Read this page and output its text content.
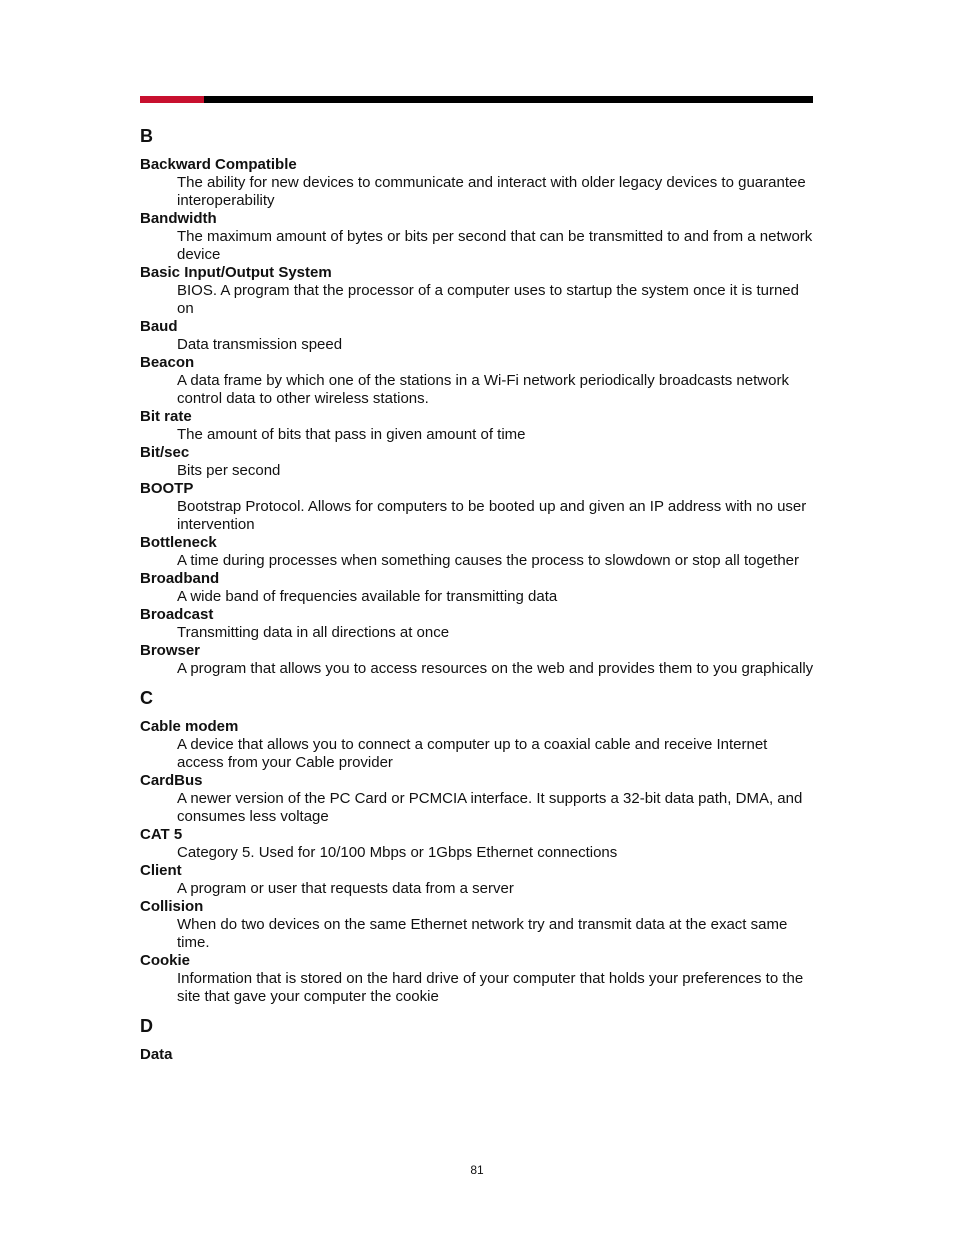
B
Backward Compatible
The ability for new devices to communicate and interact with older legacy devices to guarantee interoperability
Bandwidth
The maximum amount of bytes or bits per second that can be transmitted to and from a network device
Basic Input/Output System
BIOS. A program that the processor of a computer uses to startup the system once it is turned on
Baud
Data transmission speed
Beacon
A data frame by which one of the stations in a Wi-Fi network periodically broadcasts network control data to other wireless stations.
Bit rate
The amount of bits that pass in given amount of time
Bit/sec
Bits per second
BOOTP
Bootstrap Protocol. Allows for computers to be booted up and given an IP address with no user intervention
Bottleneck
A time during processes when something causes the process to slowdown or stop all together
Broadband
A wide band of frequencies available for transmitting data
Broadcast
Transmitting data in all directions at once
Browser
A program that allows you to access resources on the web and provides them to you graphically
C
Cable modem
A device that allows you to connect a computer up to a coaxial cable and receive Internet access from your Cable provider
CardBus
A newer version of the PC Card or PCMCIA interface. It supports a 32-bit data path, DMA, and consumes less voltage
CAT 5
Category 5. Used for 10/100 Mbps or 1Gbps Ethernet connections
Client
A program or user that requests data from a server
Collision
When do two devices on the same Ethernet network try and transmit data at the exact same time.
Cookie
Information that is stored on the hard drive of your computer that holds your preferences to the site that gave your computer the cookie
D
Data
81
